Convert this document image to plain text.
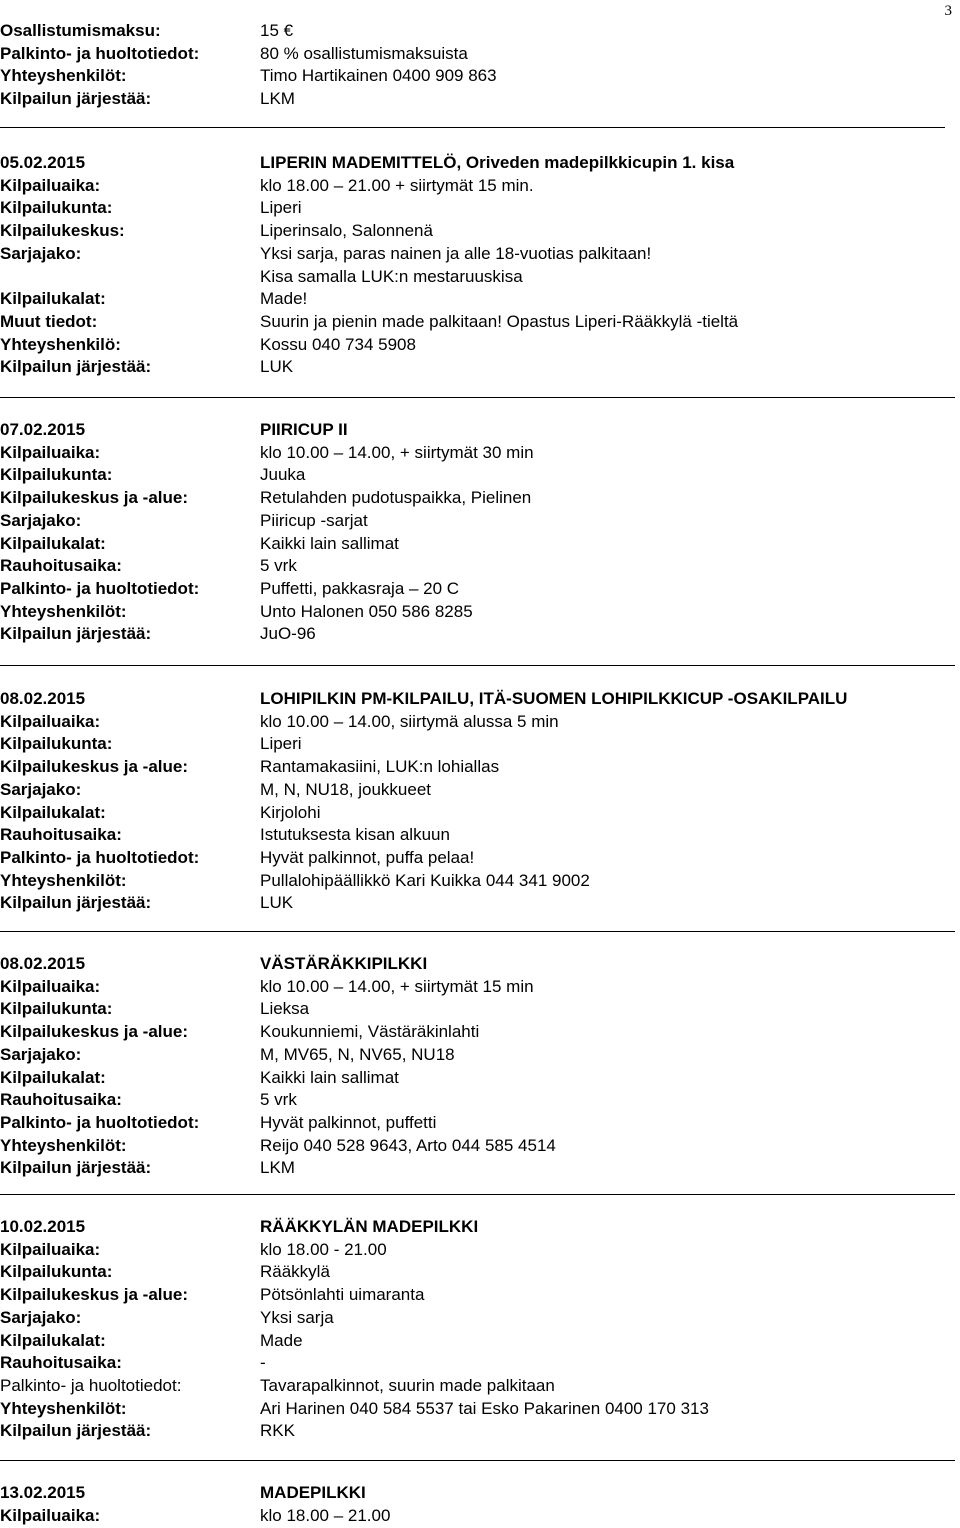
3
Osallistumismaksu:	15 €
Palkinto- ja huoltotiedot:	80 % osallistumismaksuista
Yhteyshenkilöt:	Timo Hartikainen 0400 909 863
Kilpailun järjestää:	LKM
05.02.2015	LIPERIN MADEMITTELÖ, Oriveden madepilkkicupin 1. kisa
Kilpailuaika:	klo 18.00 – 21.00 + siirtymät 15 min.
Kilpailukunta:	Liperi
Kilpailukeskus:	Liperinsalo, Salonnenä
Sarjajako:	Yksi sarja, paras nainen ja alle 18-vuotias palkitaan!
Kisa samalla LUK:n mestaruuskisa
Kilpailukalat:	Made!
Muut tiedot:	Suurin ja pienin made palkitaan! Opastus Liperi-Rääkkylä -tieltä
Yhteyshenkilö:	Kossu 040 734 5908
Kilpailun järjestää:	LUK
07.02.2015	PIIRICUP II
Kilpailuaika:	klo 10.00 – 14.00, + siirtymät 30 min
Kilpailukunta:	Juuka
Kilpailukeskus ja -alue:	Retulahden pudotuspaikka, Pielinen
Sarjajako:	Piiricup -sarjat
Kilpailukalat:	Kaikki lain sallimat
Rauhoitusaika:	5 vrk
Palkinto- ja huoltotiedot:	Puffetti, pakkasraja – 20 C
Yhteyshenkilöt:	Unto Halonen 050 586 8285
Kilpailun järjestää:	JuO-96
08.02.2015	LOHIPILKIN PM-KILPAILU, ITÄ-SUOMEN LOHIPILKKICUP -OSAKILPAILU
Kilpailuaika:	klo 10.00 – 14.00, siirtymä alussa 5 min
Kilpailukunta:	Liperi
Kilpailukeskus ja -alue:	Rantamakasiini, LUK:n lohiallas
Sarjajako:	M, N, NU18, joukkueet
Kilpailukalat:	Kirjolohi
Rauhoitusaika:	Istutuksesta kisan alkuun
Palkinto- ja huoltotiedot:	Hyvät palkinnot, puffa pelaa!
Yhteyshenkilöt:	Pullalohipäällikkö Kari Kuikka 044 341 9002
Kilpailun järjestää:	LUK
08.02.2015	VÄSTÄRÄKKIPILKKI
Kilpailuaika:	klo 10.00 – 14.00, + siirtymät 15 min
Kilpailukunta:	Lieksa
Kilpailukeskus ja -alue:	Koukunniemi, Västäräkinlahti
Sarjajako:	M, MV65, N, NV65, NU18
Kilpailukalat:	Kaikki lain sallimat
Rauhoitusaika:	5 vrk
Palkinto- ja huoltotiedot:	Hyvät palkinnot, puffetti
Yhteyshenkilöt:	Reijo 040 528 9643, Arto 044 585 4514
Kilpailun järjestää:	LKM
10.02.2015	RÄÄKKYLÄN MADEPILKKI
Kilpailuaika:	klo 18.00 - 21.00
Kilpailukunta:	Rääkkylä
Kilpailukeskus ja -alue:	Pötsönlahti uimaranta
Sarjajako:	Yksi sarja
Kilpailukalat:	Made
Rauhoitusaika:	-
Palkinto- ja huoltotiedot:	Tavarapalkinnot, suurin made palkitaan
Yhteyshenkilöt:	Ari Harinen 040 584 5537 tai Esko Pakarinen 0400 170 313
Kilpailun järjestää:	RKK
13.02.2015	MADEPILKKI
Kilpailuaika:	klo 18.00 – 21.00
